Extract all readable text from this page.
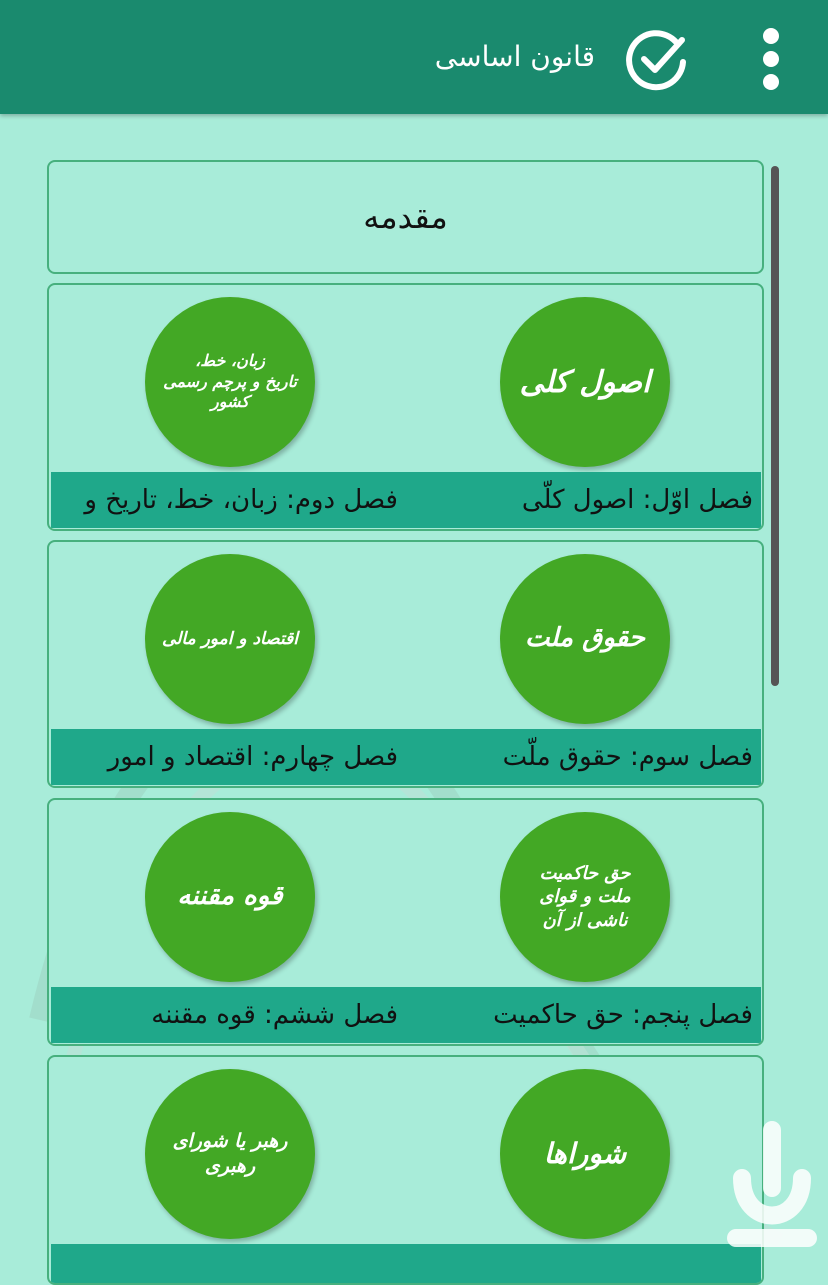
قانون اساسی
مقدمه
اصول کلی
فصل اوّل: اصول کلّی
زبان، خط،
تاریخ و پرچم رسمی کشور
فصل دوم: زبان، خط، تاریخ و
حقوق ملت
فصل سوم: حقوق ملّت
اقتصاد و امور مالی
فصل چهارم: اقتصاد و امور
حق حاکمیت
ملت و قوای
ناشی از آن
فصل پنجم: حق حاکمیت
قوه مقننه
فصل ششم: قوه مقننه
شوراها
رهبر یا شورای
رهبری
